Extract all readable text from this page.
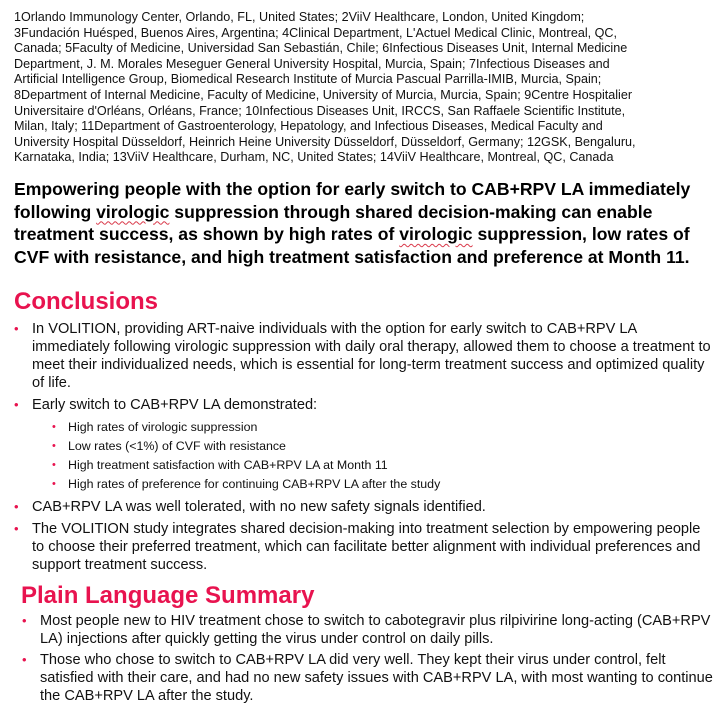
1Orlando Immunology Center, Orlando, FL, United States; 2ViiV Healthcare, London, United Kingdom;
3Fundación Huésped, Buenos Aires, Argentina; 4Clinical Department, L'Actuel Medical Clinic, Montreal, QC,
Canada; 5Faculty of Medicine, Universidad San Sebastián, Chile; 6Infectious Diseases Unit, Internal Medicine
Department, J. M. Morales Meseguer General University Hospital, Murcia, Spain; 7Infectious Diseases and
Artificial Intelligence Group, Biomedical Research Institute of Murcia Pascual Parrilla-IMIB, Murcia, Spain;
8Department of Internal Medicine, Faculty of Medicine, University of Murcia, Murcia, Spain; 9Centre Hospitalier
Universitaire d'Orléans, Orléans, France; 10Infectious Diseases Unit, IRCCS, San Raffaele Scientific Institute,
Milan, Italy; 11Department of Gastroenterology, Hepatology, and Infectious Diseases, Medical Faculty and
University Hospital Düsseldorf, Heinrich Heine University Düsseldorf, Düsseldorf, Germany; 12GSK, Bengaluru,
Karnataka, India; 13ViiV Healthcare, Durham, NC, United States; 14ViiV Healthcare, Montreal, QC, Canada
Empowering people with the option for early switch to CAB+RPV LA immediately following virologic suppression through shared decision-making can enable treatment success, as shown by high rates of virologic suppression, low rates of CVF with resistance, and high treatment satisfaction and preference at Month 11.
Conclusions
• In VOLITION, providing ART-naive individuals with the option for early switch to CAB+RPV LA immediately following virologic suppression with daily oral therapy, allowed them to choose a treatment to meet their individualized needs, which is essential for long-term treatment success and optimized quality of life.
• Early switch to CAB+RPV LA demonstrated:
• High rates of virologic suppression
• Low rates (<1%) of CVF with resistance
• High treatment satisfaction with CAB+RPV LA at Month 11
• High rates of preference for continuing CAB+RPV LA after the study
• CAB+RPV LA was well tolerated, with no new safety signals identified.
• The VOLITION study integrates shared decision-making into treatment selection by empowering people to choose their preferred treatment, which can facilitate better alignment with individual preferences and support treatment success.
Plain Language Summary
• Most people new to HIV treatment chose to switch to cabotegravir plus rilpivirine long-acting (CAB+RPV LA) injections after quickly getting the virus under control on daily pills.
• Those who chose to switch to CAB+RPV LA did very well. They kept their virus under control, felt satisfied with their care, and had no new safety issues with CAB+RPV LA, with most wanting to continue the CAB+RPV LA after the study.
